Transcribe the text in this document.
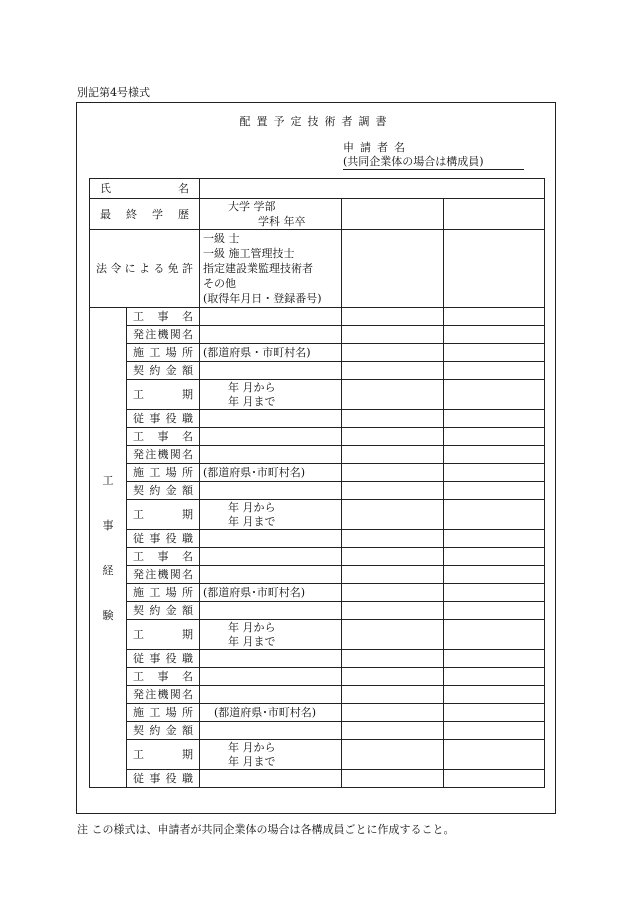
別記第4号様式
配置予定技術者調書
申請者名
(共同企業体の場合は構成員)
氏名				
最終学歴		大学 学部
学科 年卒		

法令による免許		一級 士
一級 施工管理技士
指定建設業監理技術者
その他
(取得年月日・登録番号)		

工
事
経
験	工事名			
	発注機関名			
	施工場所	(都道府県・市町村名)		
	契約金額			
	工期	年 月から
年 月まで		

	従事役職			
	工事名			
	発注機関名			
	施工場所	(都道府県･市町村名)		
	契約金額			
	工期	年 月から
年 月まで		

	従事役職			
	工事名			
	発注機関名			
	施工場所	(都道府県･市町村名)		
	契約金額			
	工期	年 月から
年 月まで		

	従事役職			
	工事名			
	発注機関名			
	施工場所	(都道府県･市町村名)		
	契約金額			
	工期	年 月から
年 月まで		

	従事役職			
注 この様式は、申請者が共同企業体の場合は各構成員ごとに作成すること。
